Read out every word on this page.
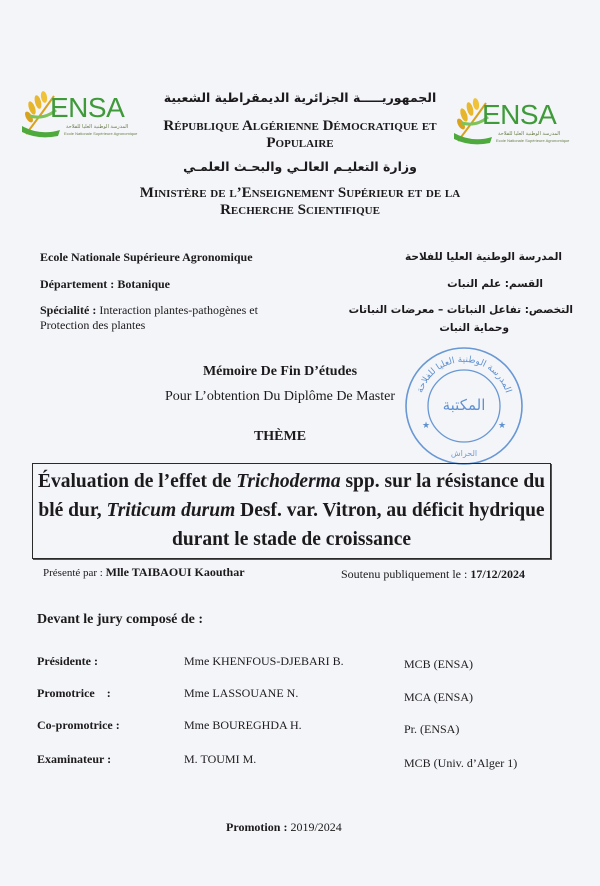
ENSA
المدرسة الوطنية العليا للفلاحة
Ecole Nationale Supérieure Agronomique
ENSA
المدرسة الوطنية العليا للفلاحة
Ecole Nationale Supérieure Agronomique
الجمهوريـــــة الجزائرية الديمقراطية الشعبية
République Algérienne Démocratique et
Populaire
وزارة التعليـم العالـي والبحـث العلمـي
Ministère de l’Enseignement Supérieur et de la
Recherche Scientifique
Ecole Nationale Supérieure Agronomique
Département : Botanique
Spécialité : Interaction plantes-pathogènes et
Protection des plantes
المدرسة الوطنية العليا للفلاحة
القسم: علم النبات
التخصص: تفاعل النباتات – معرضات النباتات
وحماية النبات
المدرسة الوطنية العليا للفلاحة
المكتبة
الحراش
★	★
Mémoire De Fin D’études
Pour L’obtention Du Diplôme De Master
THÈME
Évaluation de l’effet de Trichoderma spp. sur la résistance du
blé dur, Triticum durum Desf. var. Vitron, au déficit hydrique
durant le stade de croissance
Présenté par : Mlle TAIBAOUI Kaouthar	Soutenu publiquement le : 17/12/2024
Devant le jury composé de :
Présidente :	Mme KHENFOUS-DJEBARI B.	MCB (ENSA)
Promotrice    :	Mme LASSOUANE N.	MCA (ENSA)
Co-promotrice :	Mme BOUREGHDA H.	Pr. (ENSA)
Examinateur :	M. TOUMI M.	MCB (Univ. d’Alger 1)
Promotion : 2019/2024
